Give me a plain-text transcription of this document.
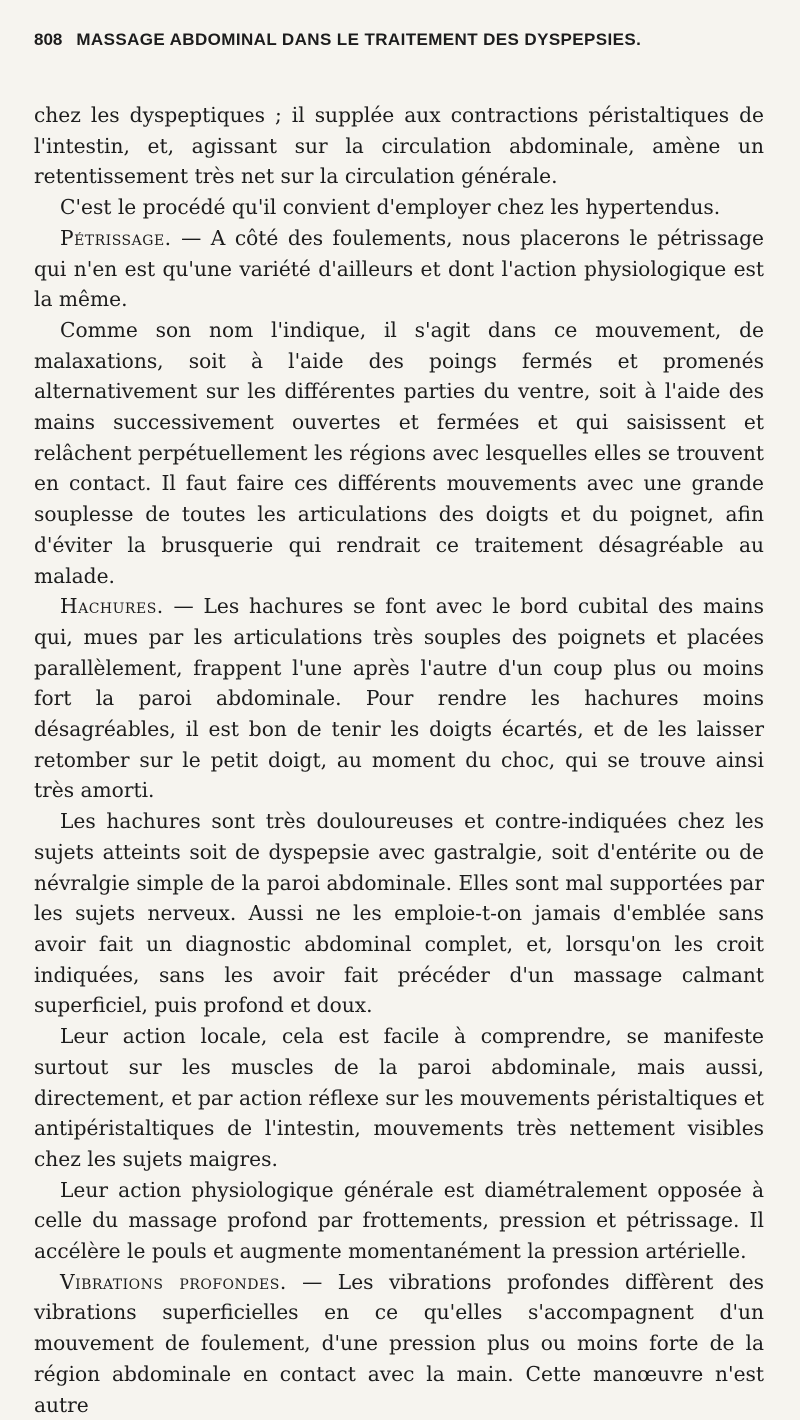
808 MASSAGE ABDOMINAL DANS LE TRAITEMENT DES DYSPEPSIES.

chez les dyspeptiques ; il supplée aux contractions péristaltiques de l'intestin, et, agissant sur la circulation abdominale, amène un retentissement très net sur la circulation générale.

C'est le procédé qu'il convient d'employer chez les hypertendus.

Pétrissage. — A côté des foulements, nous placerons le pétrissage qui n'en est qu'une variété d'ailleurs et dont l'action physiologique est la même.

Comme son nom l'indique, il s'agit dans ce mouvement, de malaxations, soit à l'aide des poings fermés et promenés alternativement sur les différentes parties du ventre, soit à l'aide des mains successivement ouvertes et fermées et qui saisissent et relâchent perpétuellement les régions avec lesquelles elles se trouvent en contact. Il faut faire ces différents mouvements avec une grande souplesse de toutes les articulations des doigts et du poignet, afin d'éviter la brusquerie qui rendrait ce traitement désagréable au malade.

Hachures. — Les hachures se font avec le bord cubital des mains qui, mues par les articulations très souples des poignets et placées parallèlement, frappent l'une après l'autre d'un coup plus ou moins fort la paroi abdominale. Pour rendre les hachures moins désagréables, il est bon de tenir les doigts écartés, et de les laisser retomber sur le petit doigt, au moment du choc, qui se trouve ainsi très amorti.

Les hachures sont très douloureuses et contre-indiquées chez les sujets atteints soit de dyspepsie avec gastralgie, soit d'entérite ou de névralgie simple de la paroi abdominale. Elles sont mal supportées par les sujets nerveux. Aussi ne les emploie-t-on jamais d'emblée sans avoir fait un diagnostic abdominal complet, et, lorsqu'on les croit indiquées, sans les avoir fait précéder d'un massage calmant superficiel, puis profond et doux.

Leur action locale, cela est facile à comprendre, se manifeste surtout sur les muscles de la paroi abdominale, mais aussi, directement, et par action réflexe sur les mouvements péristaltiques et antipéristaltiques de l'intestin, mouvements très nettement visibles chez les sujets maigres.

Leur action physiologique générale est diamétralement opposée à celle du massage profond par frottements, pression et pétrissage. Il accélère le pouls et augmente momentanément la pression artérielle.

Vibrations profondes. — Les vibrations profondes diffèrent des vibrations superficielles en ce qu'elles s'accompagnent d'un mouvement de foulement, d'une pression plus ou moins forte de la région abdominale en contact avec la main. Cette manœuvre n'est autre
